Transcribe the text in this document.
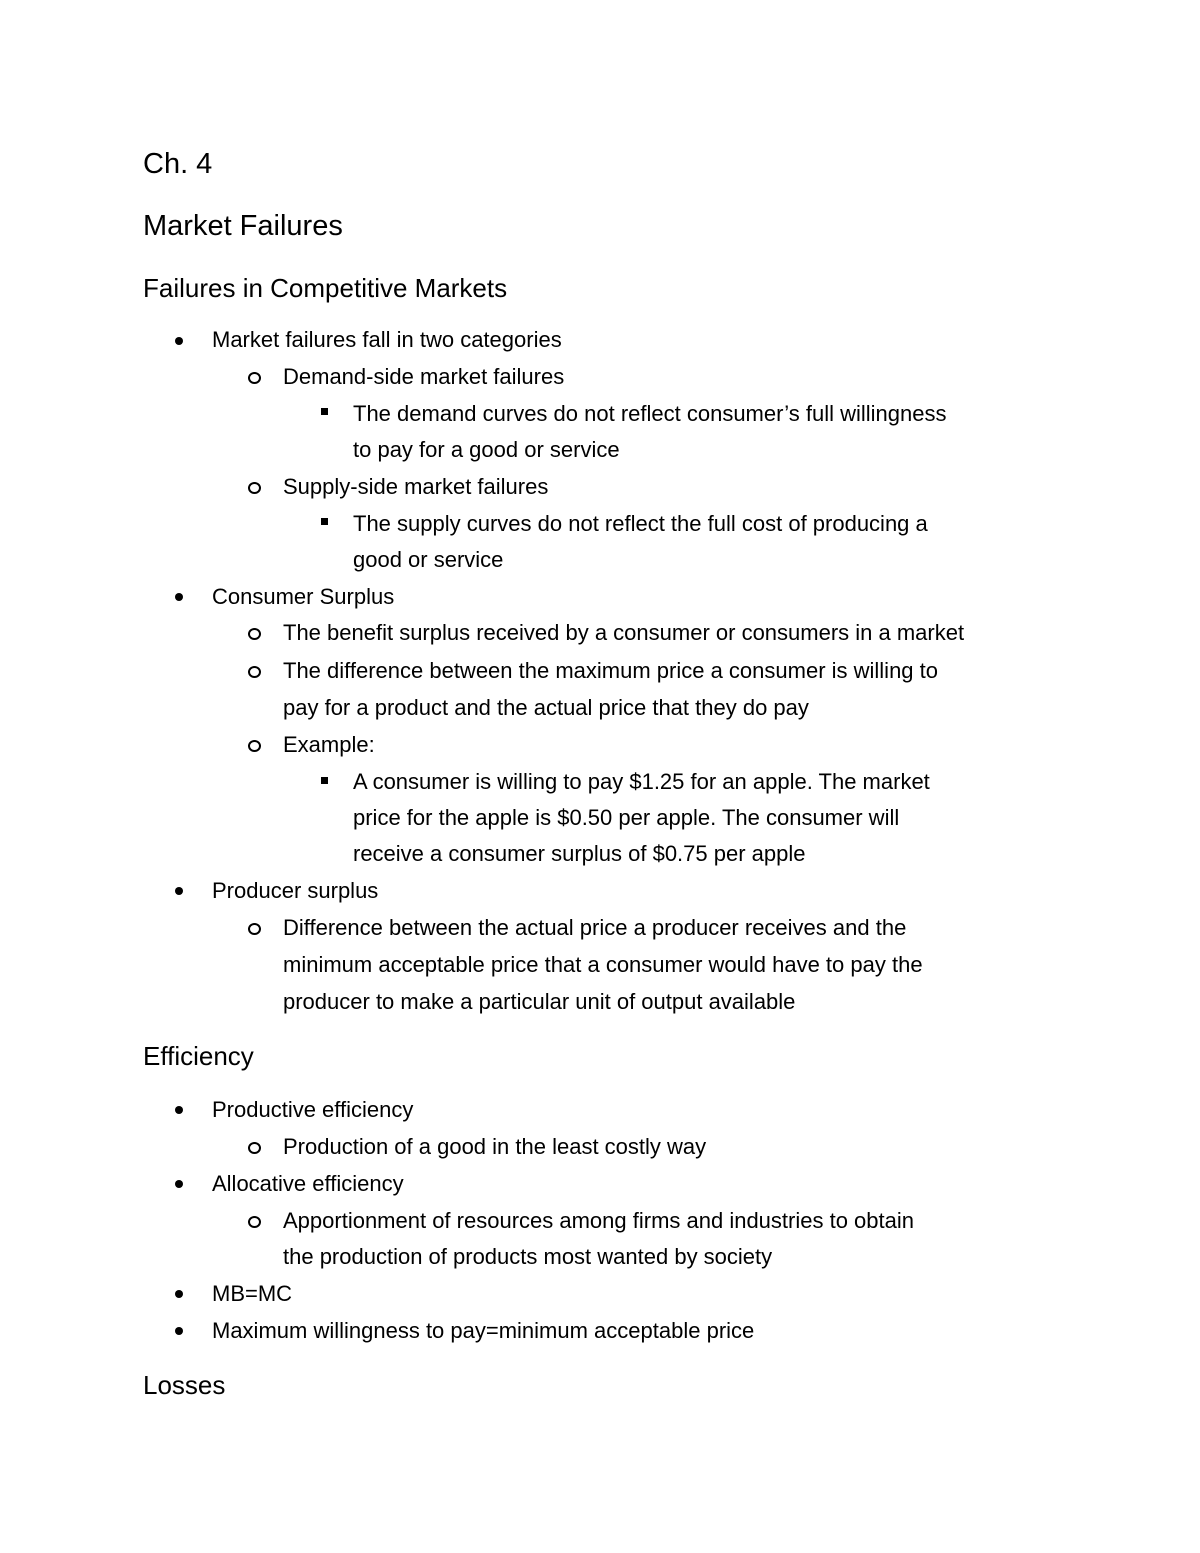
Ch. 4
Market Failures
Failures in Competitive Markets

Market failures fall in two categories

Demand-side market failures

The demand curves do not reflect consumer’s full willingness

to pay for a good or service

Supply-side market failures

The supply curves do not reflect the full cost of producing a

good or service

Consumer Surplus

The benefit surplus received by a consumer or consumers in a market

The difference between the maximum price a consumer is willing to

pay for a product and the actual price that they do pay

Example:

A consumer is willing to pay $1.25 for an apple. The market

price for the apple is $0.50 per apple. The consumer will

receive a consumer surplus of $0.75 per apple

Producer surplus

Difference between the actual price a producer receives and the

minimum acceptable price that a consumer would have to pay the

producer to make a particular unit of output available

Efficiency

Productive efficiency

Production of a good in the least costly way

Allocative efficiency

Apportionment of resources among firms and industries to obtain

the production of products most wanted by society

MB=MC

Maximum willingness to pay=minimum acceptable price

Losses
